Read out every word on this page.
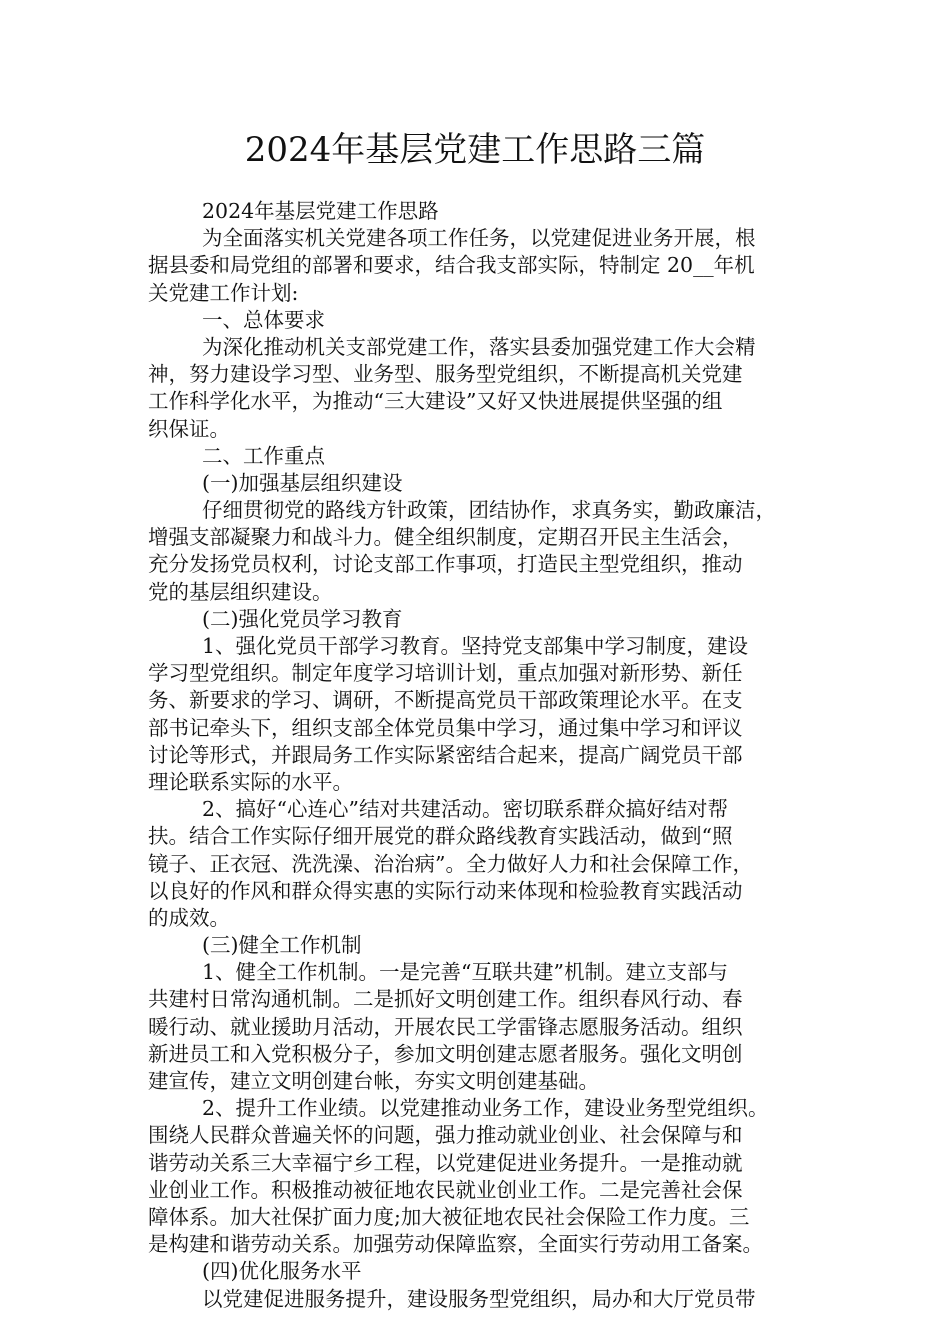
2024年基层党建工作思路三篇
2024年基层党建工作思路
为全面落实机关党建各项工作任务，以党建促进业务开展，根
据县委和局党组的部署和要求，结合我支部实际，特制定 20__年机
关党建工作计划:
一、总体要求
为深化推动机关支部党建工作，落实县委加强党建工作大会精
神，努力建设学习型、业务型、服务型党组织，不断提高机关党建
工作科学化水平，为推动“三大建设”又好又快进展提供坚强的组
织保证。
二、工作重点
(一)加强基层组织建设
仔细贯彻党的路线方针政策，团结协作，求真务实，勤政廉洁，
增强支部凝聚力和战斗力。健全组织制度，定期召开民主生活会，
充分发扬党员权利，讨论支部工作事项，打造民主型党组织，推动
党的基层组织建设。
(二)强化党员学习教育
1、强化党员干部学习教育。坚持党支部集中学习制度，建设
学习型党组织。制定年度学习培训计划，重点加强对新形势、新任
务、新要求的学习、调研，不断提高党员干部政策理论水平。在支
部书记牵头下，组织支部全体党员集中学习，通过集中学习和评议
讨论等形式，并跟局务工作实际紧密结合起来，提高广阔党员干部
理论联系实际的水平。
2、搞好“心连心”结对共建活动。密切联系群众搞好结对帮
扶。结合工作实际仔细开展党的群众路线教育实践活动，做到“照
镜子、正衣冠、洗洗澡、治治病”。全力做好人力和社会保障工作，
以良好的作风和群众得实惠的实际行动来体现和检验教育实践活动
的成效。
(三)健全工作机制
1、健全工作机制。一是完善“互联共建”机制。建立支部与
共建村日常沟通机制。二是抓好文明创建工作。组织春风行动、春
暖行动、就业援助月活动，开展农民工学雷锋志愿服务活动。组织
新进员工和入党积极分子，参加文明创建志愿者服务。强化文明创
建宣传，建立文明创建台帐，夯实文明创建基础。
2、提升工作业绩。以党建推动业务工作，建设业务型党组织。
围绕人民群众普遍关怀的问题，强力推动就业创业、社会保障与和
谐劳动关系三大幸福宁乡工程，以党建促进业务提升。一是推动就
业创业工作。积极推动被征地农民就业创业工作。二是完善社会保
障体系。加大社保扩面力度;加大被征地农民社会保险工作力度。三
是构建和谐劳动关系。加强劳动保障监察，全面实行劳动用工备案。
(四)优化服务水平
以党建促进服务提升，建设服务型党组织，局办和大厅党员带
